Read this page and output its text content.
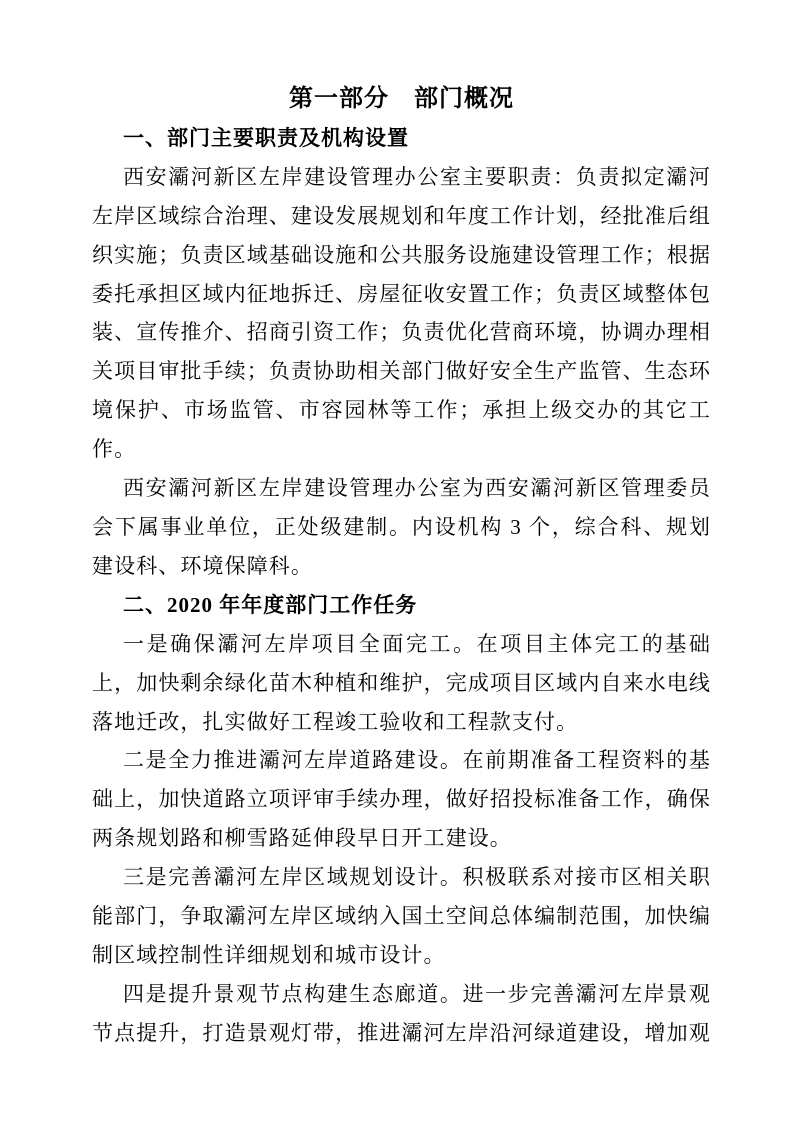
第一部分　部门概况
一、部门主要职责及机构设置

西安灞河新区左岸建设管理办公室主要职责：负责拟定灞河左岸区域综合治理、建设发展规划和年度工作计划，经批准后组织实施；负责区域基础设施和公共服务设施建设管理工作；根据委托承担区域内征地拆迁、房屋征收安置工作；负责区域整体包装、宣传推介、招商引资工作；负责优化营商环境，协调办理相关项目审批手续；负责协助相关部门做好安全生产监管、生态环境保护、市场监管、市容园林等工作；承担上级交办的其它工作。

西安灞河新区左岸建设管理办公室为西安灞河新区管理委员会下属事业单位，正处级建制。内设机构 3 个，综合科、规划建设科、环境保障科。

二、2020 年年度部门工作任务

一是确保灞河左岸项目全面完工。在项目主体完工的基础上，加快剩余绿化苗木种植和维护，完成项目区域内自来水电线落地迁改，扎实做好工程竣工验收和工程款支付。

二是全力推进灞河左岸道路建设。在前期准备工程资料的基础上，加快道路立项评审手续办理，做好招投标准备工作，确保两条规划路和柳雪路延伸段早日开工建设。

三是完善灞河左岸区域规划设计。积极联系对接市区相关职能部门，争取灞河左岸区域纳入国土空间总体编制范围，加快编制区域控制性详细规划和城市设计。

四是提升景观节点构建生态廊道。进一步完善灞河左岸景观节点提升，打造景观灯带，推进灞河左岸沿河绿道建设，增加观
